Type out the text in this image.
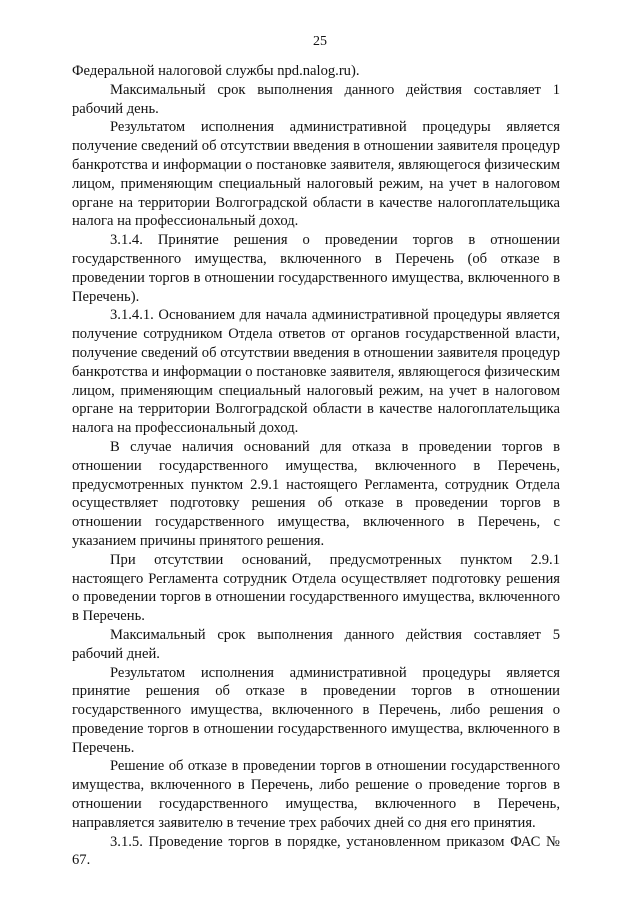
25

Федеральной налоговой службы npd.nalog.ru).

Максимальный срок выполнения данного действия составляет 1 рабочий день.

Результатом исполнения административной процедуры является получение сведений об отсутствии введения в отношении заявителя процедур банкротства и информации о постановке заявителя, являющегося физическим лицом, применяющим специальный налоговый режим, на учет в налоговом органе на территории Волгоградской области в качестве налогоплательщика налога на профессиональный доход.

3.1.4. Принятие решения о проведении торгов в отношении государственного имущества, включенного в Перечень (об отказе в проведении торгов в отношении государственного имущества, включенного в Перечень).

3.1.4.1. Основанием для начала административной процедуры является получение сотрудником Отдела ответов от органов государственной власти, получение сведений об отсутствии введения в отношении заявителя процедур банкротства и информации о постановке заявителя, являющегося физическим лицом, применяющим специальный налоговый режим, на учет в налоговом органе на территории Волгоградской области в качестве налогоплательщика налога на профессиональный доход.

В случае наличия оснований для отказа в проведении торгов в отношении государственного имущества, включенного в Перечень, предусмотренных пунктом 2.9.1 настоящего Регламента, сотрудник Отдела осуществляет подготовку решения об отказе в проведении торгов в отношении государственного имущества, включенного в Перечень, с указанием причины принятого решения.

При отсутствии оснований, предусмотренных пунктом 2.9.1 настоящего Регламента сотрудник Отдела осуществляет подготовку решения о проведении торгов в отношении государственного имущества, включенного в Перечень.

Максимальный срок выполнения данного действия составляет 5 рабочий дней.

Результатом исполнения административной процедуры является принятие решения об отказе в проведении торгов в отношении государственного имущества, включенного в Перечень, либо решения о проведение торгов в отношении государственного имущества, включенного в Перечень.

Решение об отказе в проведении торгов в отношении государственного имущества, включенного в Перечень, либо решение о проведение торгов в отношении государственного имущества, включенного в Перечень, направляется заявителю в течение трех рабочих дней со дня его принятия.

3.1.5. Проведение торгов в порядке, установленном приказом ФАС № 67.
